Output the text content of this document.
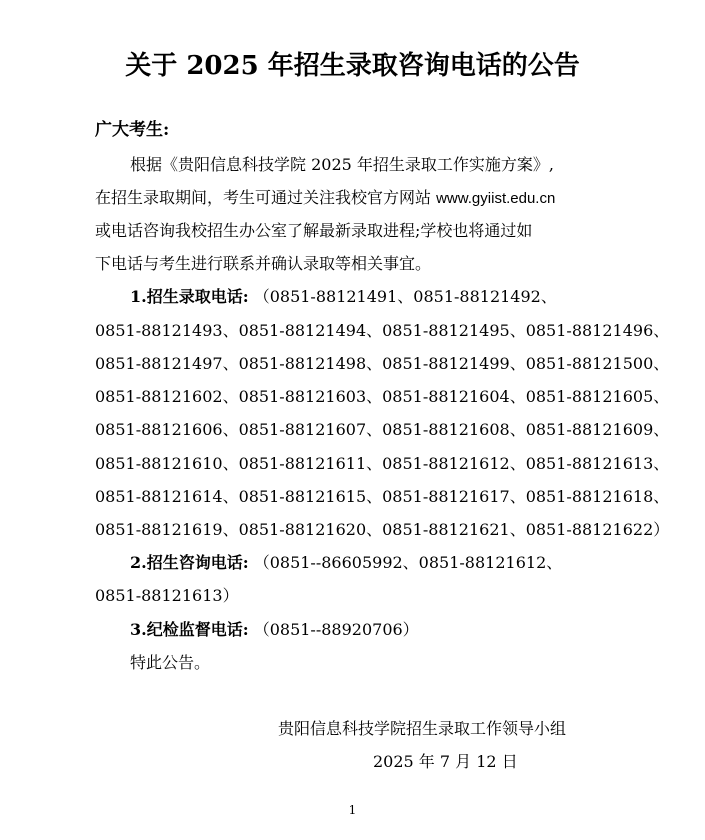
关于 2025 年招生录取咨询电话的公告
广大考生:
根据《贵阳信息科技学院 2025 年招生录取工作实施方案》,
在招生录取期间，考生可通过关注我校官方网站 www.gyiist.edu.cn
或电话咨询我校招生办公室了解最新录取进程;学校也将通过如
下电话与考生进行联系并确认录取等相关事宜。
1.招生录取电话: （0851-88121491、0851-88121492、
0851-88121493、0851-88121494、0851-88121495、0851-88121496、
0851-88121497、0851-88121498、0851-88121499、0851-88121500、
0851-88121602、0851-88121603、0851-88121604、0851-88121605、
0851-88121606、0851-88121607、0851-88121608、0851-88121609、
0851-88121610、0851-88121611、0851-88121612、0851-88121613、
0851-88121614、0851-88121615、0851-88121617、0851-88121618、
0851-88121619、0851-88121620、0851-88121621、0851-88121622）
2.招生咨询电话: （0851--86605992、0851-88121612、
0851-88121613）
3.纪检监督电话: （0851--88920706）
特此公告。
贵阳信息科技学院招生录取工作领导小组
2025 年 7 月 12 日
1
